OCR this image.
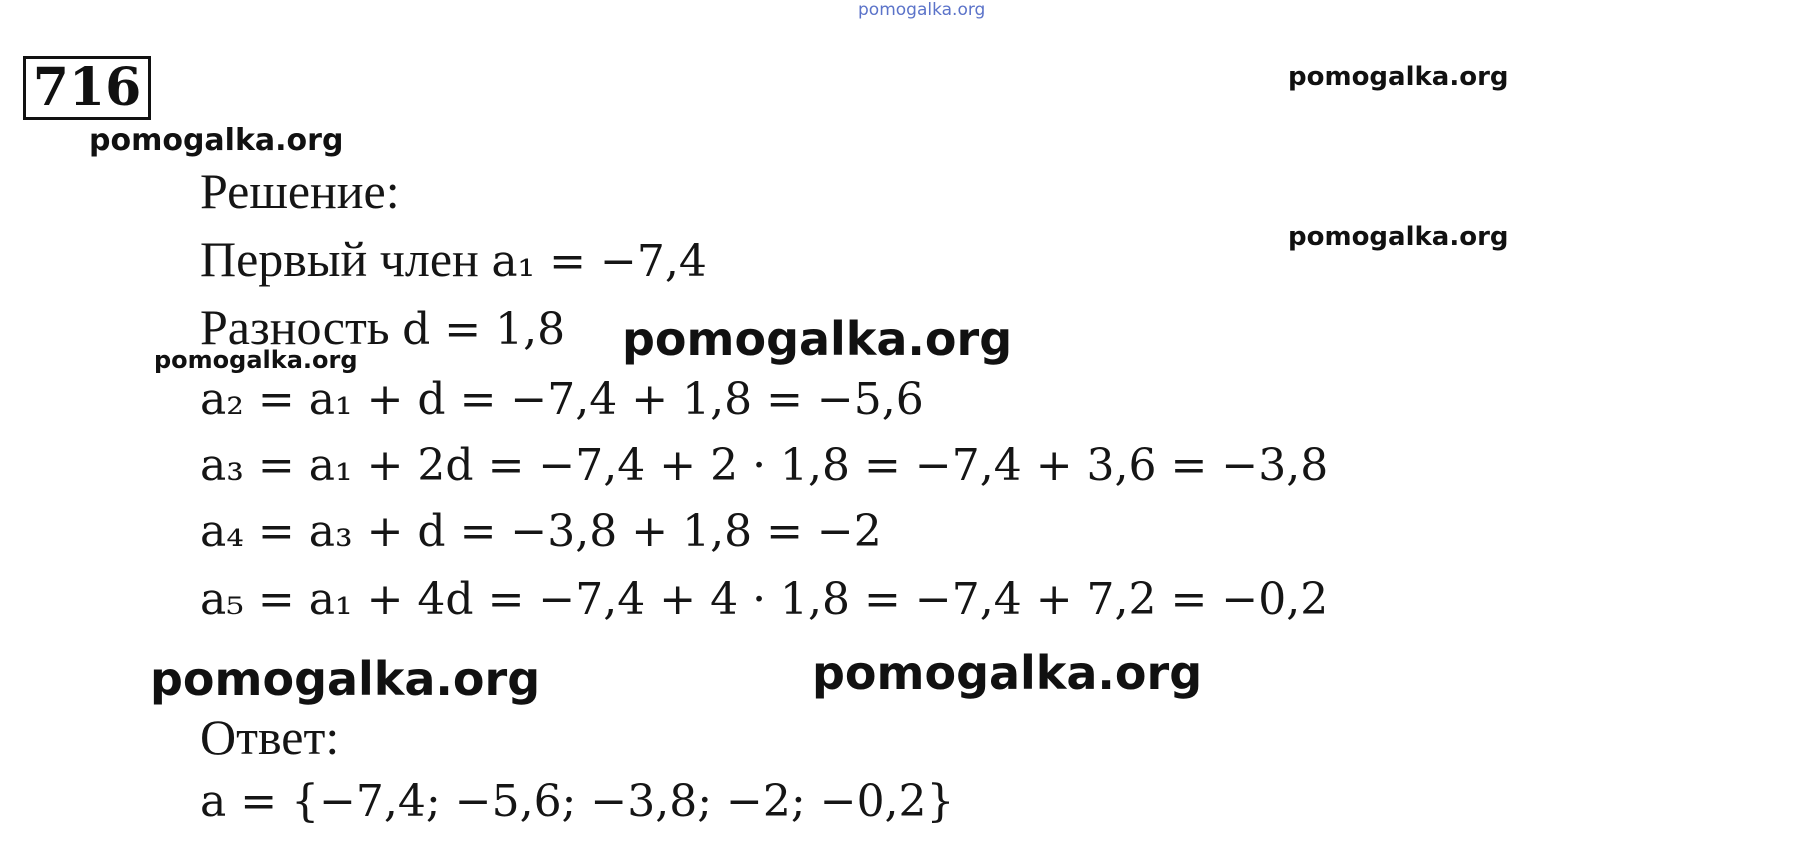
pomogalka.org
pomogalka.org
pomogalka.org
pomogalka.org
pomogalka.org	pomogalka.org
pomogalka.org	pomogalka.org
716
Решение:
Первый член a₁ = −7,4
Разность d = 1,8
a₂ = a₁ + d = −7,4 + 1,8 = −5,6
a₃ = a₁ + 2d = −7,4 + 2 · 1,8 = −7,4 + 3,6 = −3,8
a₄ = a₃ + d = −3,8 + 1,8 = −2
a₅ = a₁ + 4d = −7,4 + 4 · 1,8 = −7,4 + 7,2 = −0,2
Ответ:
a = {−7,4; −5,6; −3,8; −2; −0,2}
